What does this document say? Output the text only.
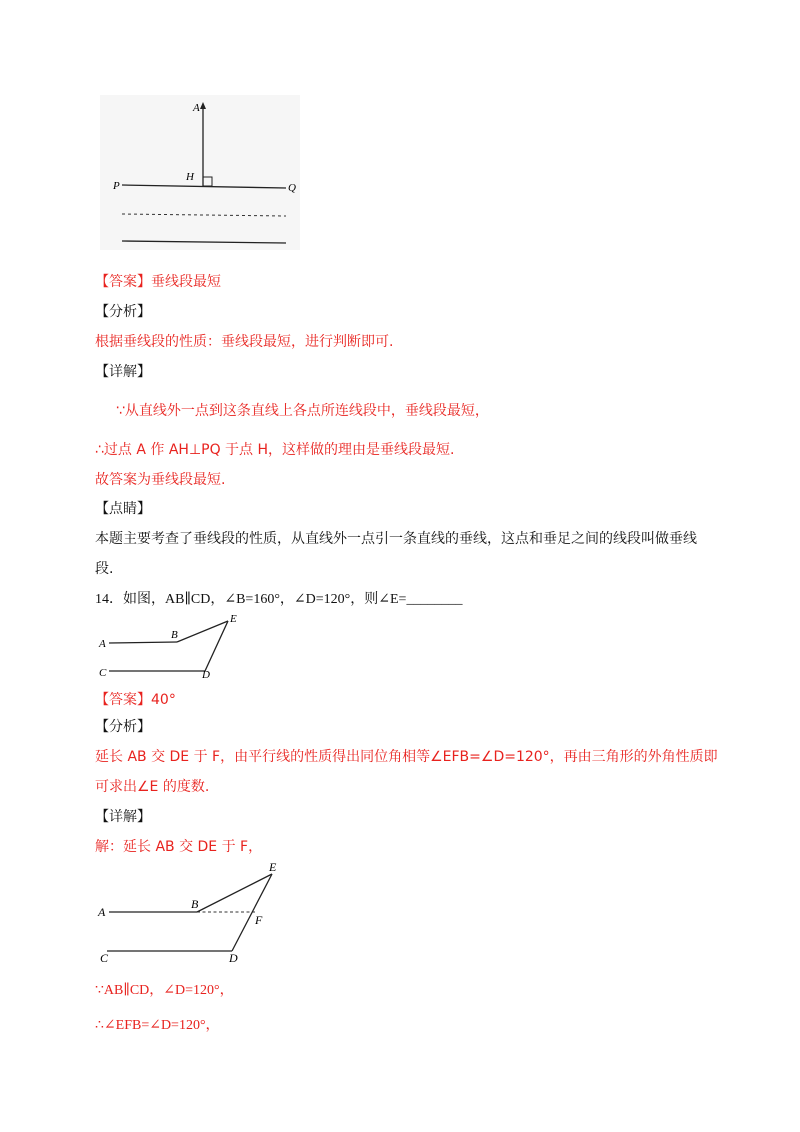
A
H
P	Q
【答案】垂线段最短
【分析】
根据垂线段的性质：垂线段最短，进行判断即可.
【详解】
∵从直线外一点到这条直线上各点所连线段中，垂线段最短，
∴过点 A 作 AH⊥PQ 于点 H，这样做的理由是垂线段最短.
故答案为垂线段最短.
【点睛】
本题主要考查了垂线段的性质，从直线外一点引一条直线的垂线，这点和垂足之间的线段叫做垂线
段.
14．如图，AB∥CD，∠B=160°，∠D=120°，则∠E=________
A
B
E
C	D
【答案】40°
【分析】
延长 AB 交 DE 于 F，由平行线的性质得出同位角相等∠EFB=∠D=120°，再由三角形的外角性质即
可求出∠E 的度数.
【详解】
解：延长 AB 交 DE 于 F，
A
B
E
F
C	D
∵AB∥CD，∠D=120°，
∴∠EFB=∠D=120°，
